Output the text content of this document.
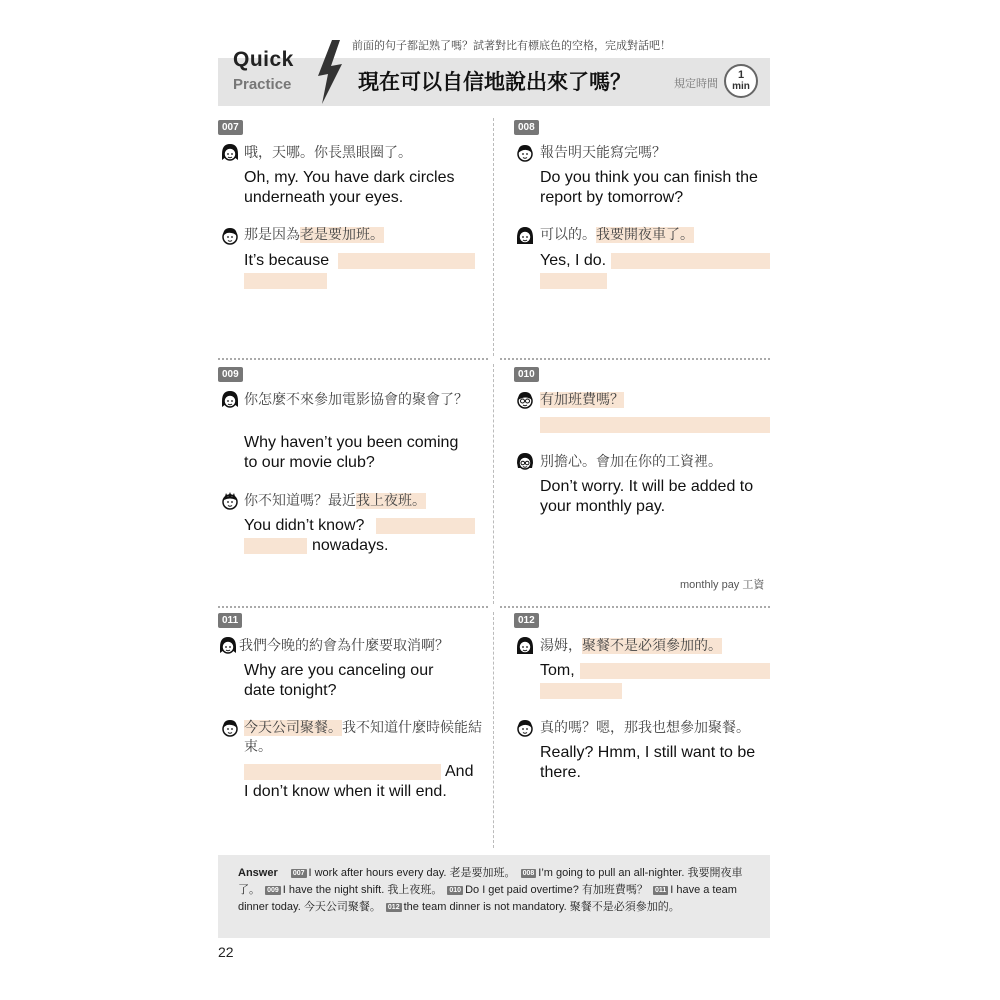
Quick
Practice
前面的句子都記熟了嗎？試著對比有標底色的空格，完成對話吧！
現在可以自信地說出來了嗎？	規定時間
1
min
007
哦，天哪。你長黑眼圈了。
Oh, my. You have dark circles
underneath your eyes.
那是因為老是要加班。
It’s because
008
報告明天能寫完嗎？
Do you think you can finish the
report by tomorrow?
可以的。我要開夜車了。
Yes, I do.
009
你怎麼不來參加電影協會的聚會了？
Why haven’t you been coming
to our movie club?
你不知道嗎？最近我上夜班。
You didn’t know?
nowadays.
010
有加班費嗎？
別擔心。會加在你的工資裡。
Don’t worry. It will be added to
your monthly pay.
monthly pay 工資
011
我們今晚的約會為什麼要取消啊？
Why are you canceling our
date tonight?
今天公司聚餐。我不知道什麼時候能結束。
And
I don’t know when it will end.
012
湯姆，聚餐不是必須參加的。
Tom,
真的嗎？嗯，那我也想參加聚餐。
Really? Hmm, I still want to be
there.
Answer 007 I work after hours every day. 老是要加班。 008 I’m going to pull an all-nighter. 我要開夜車了。 009 I have the night shift. 我上夜班。 010 Do I get paid overtime? 有加班費嗎？ 011 I have a team dinner today. 今天公司聚餐。 012 the team dinner is not mandatory. 聚餐不是必須參加的。
22
